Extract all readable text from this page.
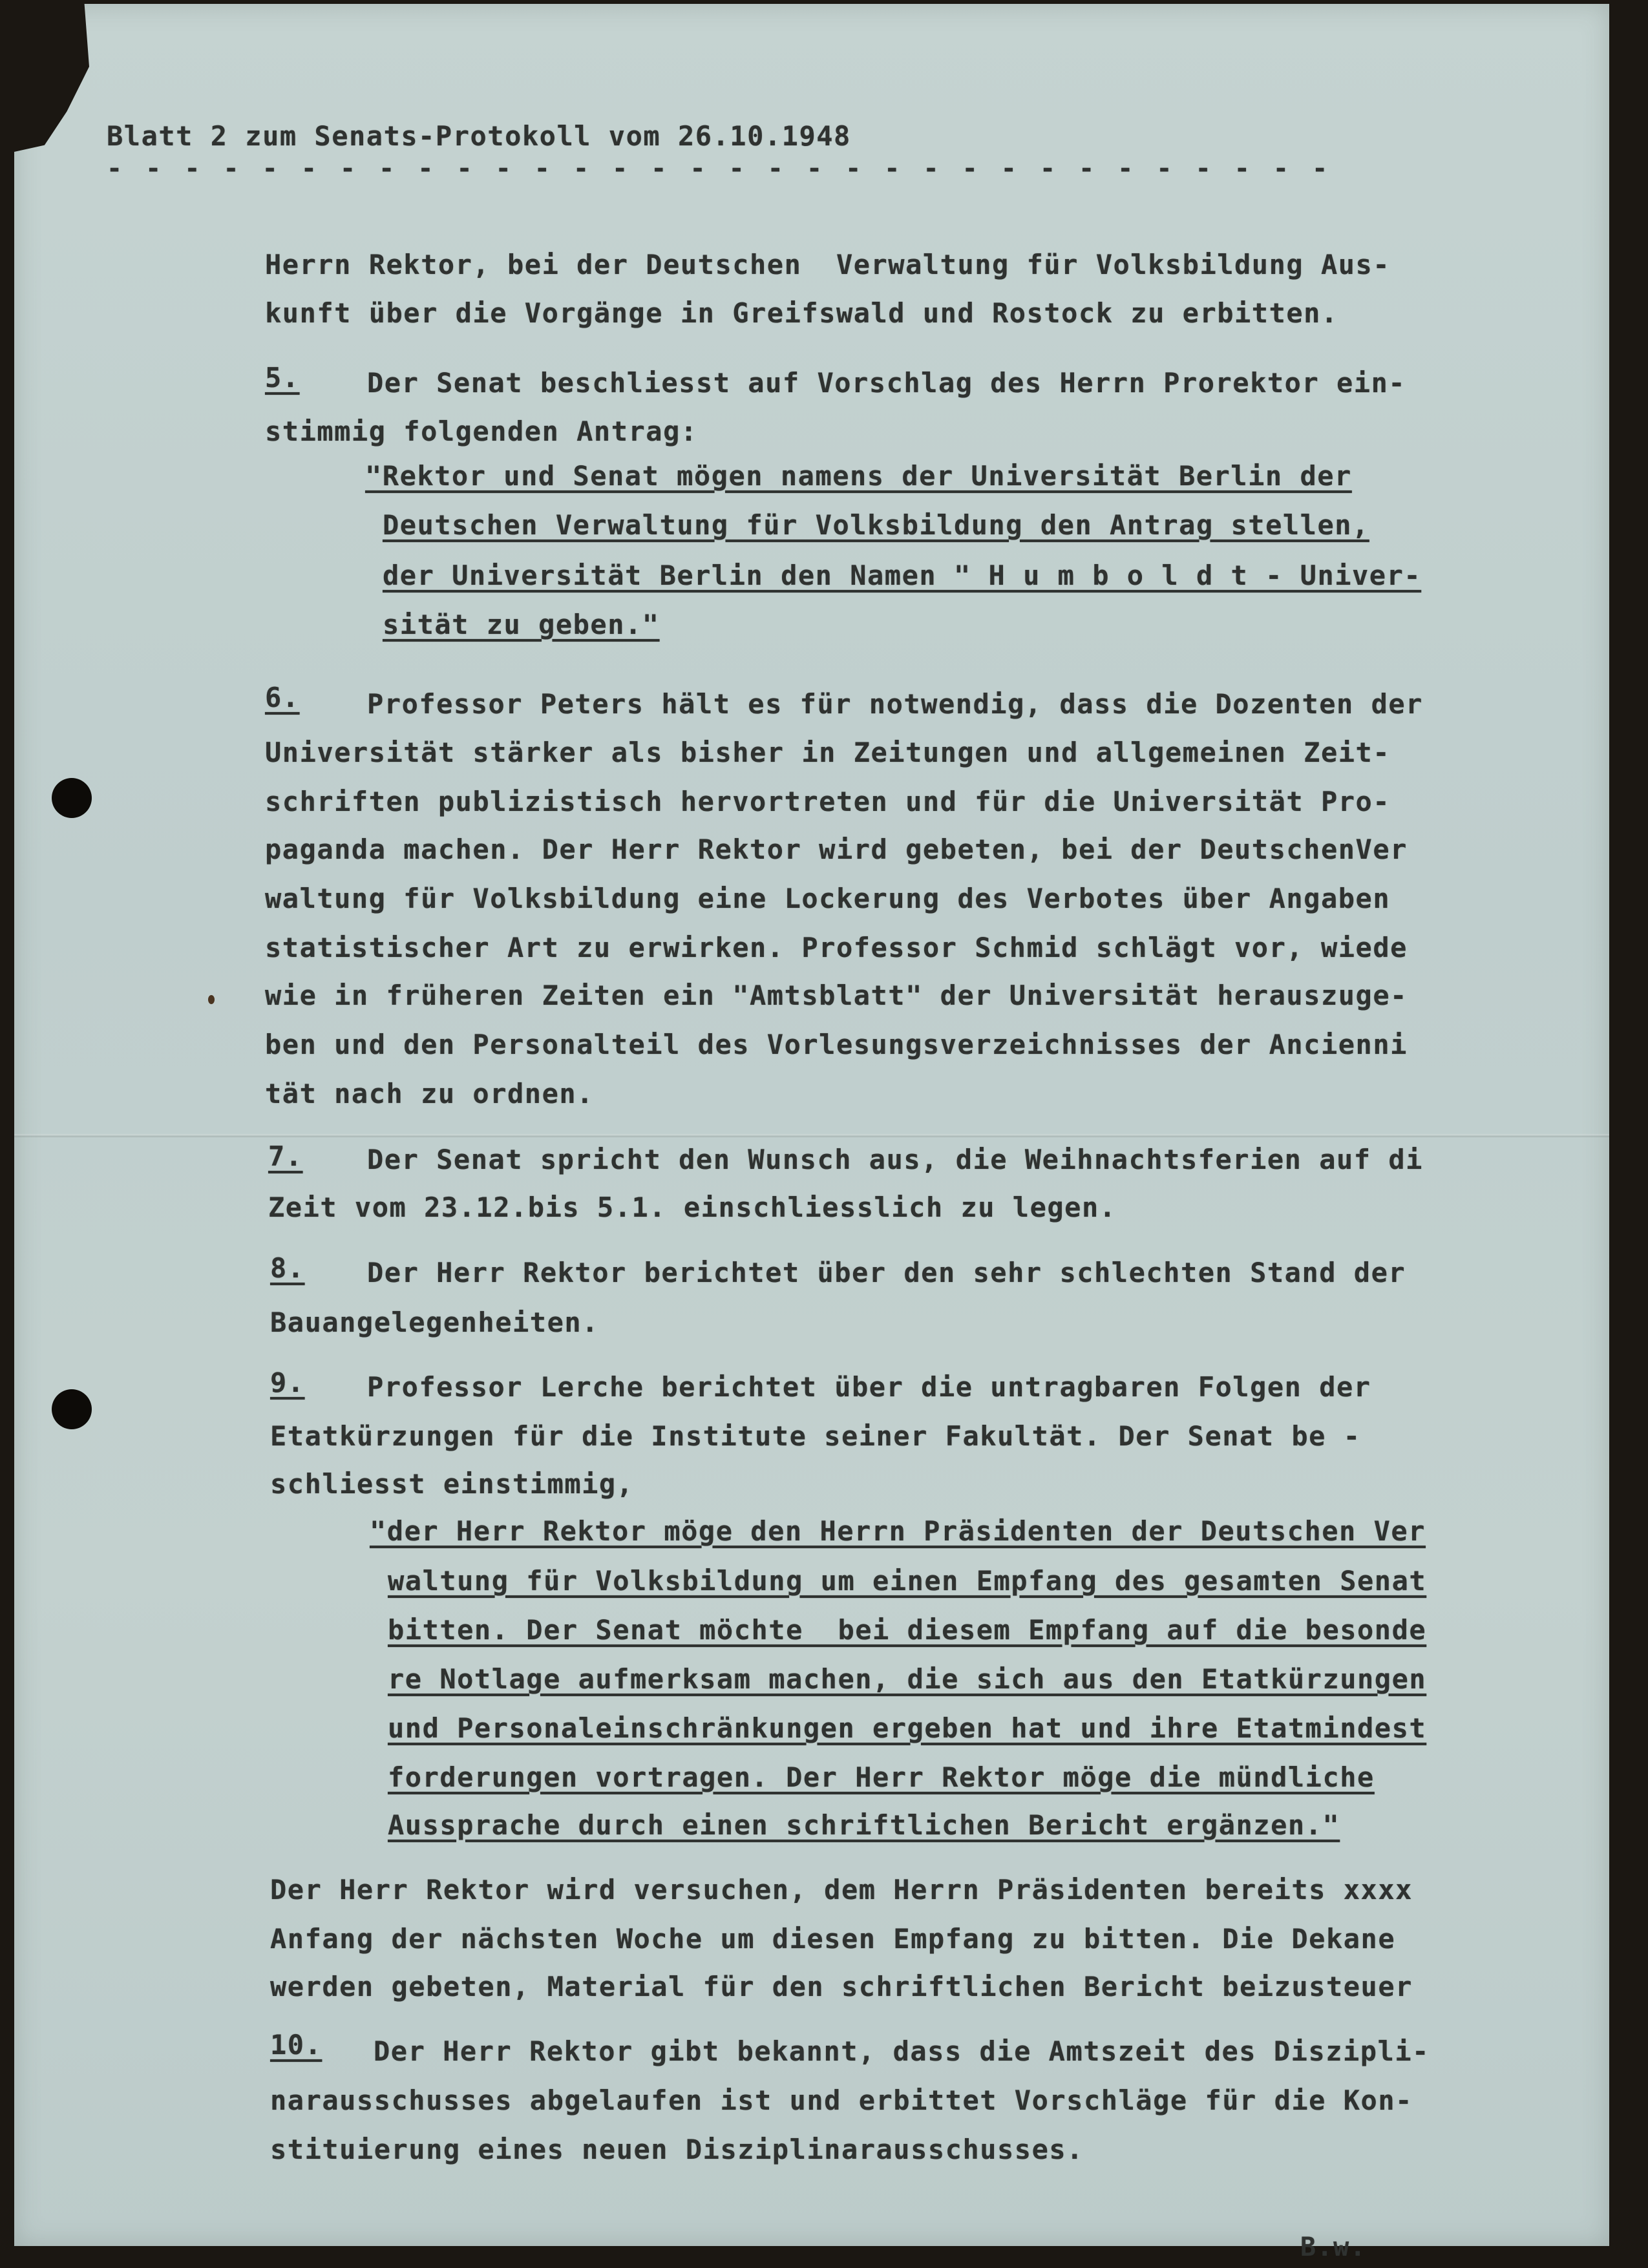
Blatt 2 zum Senats-Protokoll vom 26.10.1948
- - - - - - - - - - - - - - - - - - - - - - - - - - - - - - - -
Herrn Rektor, bei der Deutschen  Verwaltung für Volksbildung Aus-
kunft über die Vorgänge in Greifswald und Rostock zu erbitten.
5. Der Senat beschliesst auf Vorschlag des Herrn Prorektor ein-
stimmig folgenden Antrag:
"Rektor und Senat mögen namens der Universität Berlin der
Deutschen Verwaltung für Volksbildung den Antrag stellen,
der Universität Berlin den Namen " H u m b o l d t - Univer-
sität zu geben."
6. Professor Peters hält es für notwendig, dass die Dozenten der
Universität stärker als bisher in Zeitungen und allgemeinen Zeit-
schriften publizistisch hervortreten und für die Universität Pro-
paganda machen. Der Herr Rektor wird gebeten, bei der DeutschenVer
waltung für Volksbildung eine Lockerung des Verbotes über Angaben
statistischer Art zu erwirken. Professor Schmid schlägt vor, wiede
wie in früheren Zeiten ein "Amtsblatt" der Universität herauszuge-
ben und den Personalteil des Vorlesungsverzeichnisses der Ancienni
tät nach zu ordnen.
7. Der Senat spricht den Wunsch aus, die Weihnachtsferien auf di
Zeit vom 23.12.bis 5.1. einschliesslich zu legen.
8. Der Herr Rektor berichtet über den sehr schlechten Stand der
Bauangelegenheiten.
9. Professor Lerche berichtet über die untragbaren Folgen der
Etatkürzungen für die Institute seiner Fakultät. Der Senat be -
schliesst einstimmig,
"der Herr Rektor möge den Herrn Präsidenten der Deutschen Ver
waltung für Volksbildung um einen Empfang des gesamten Senat
bitten. Der Senat möchte  bei diesem Empfang auf die besonde
re Notlage aufmerksam machen, die sich aus den Etatkürzungen
und Personaleinschränkungen ergeben hat und ihre Etatmindest
forderungen vortragen. Der Herr Rektor möge die mündliche
Aussprache durch einen schriftlichen Bericht ergänzen."
Der Herr Rektor wird versuchen, dem Herrn Präsidenten bereits xxxx
Anfang der nächsten Woche um diesen Empfang zu bitten. Die Dekane
werden gebeten, Material für den schriftlichen Bericht beizusteuer
10. Der Herr Rektor gibt bekannt, dass die Amtszeit des Diszipli-
narausschusses abgelaufen ist und erbittet Vorschläge für die Kon-
stituierung eines neuen Disziplinarausschusses.
B.w.
